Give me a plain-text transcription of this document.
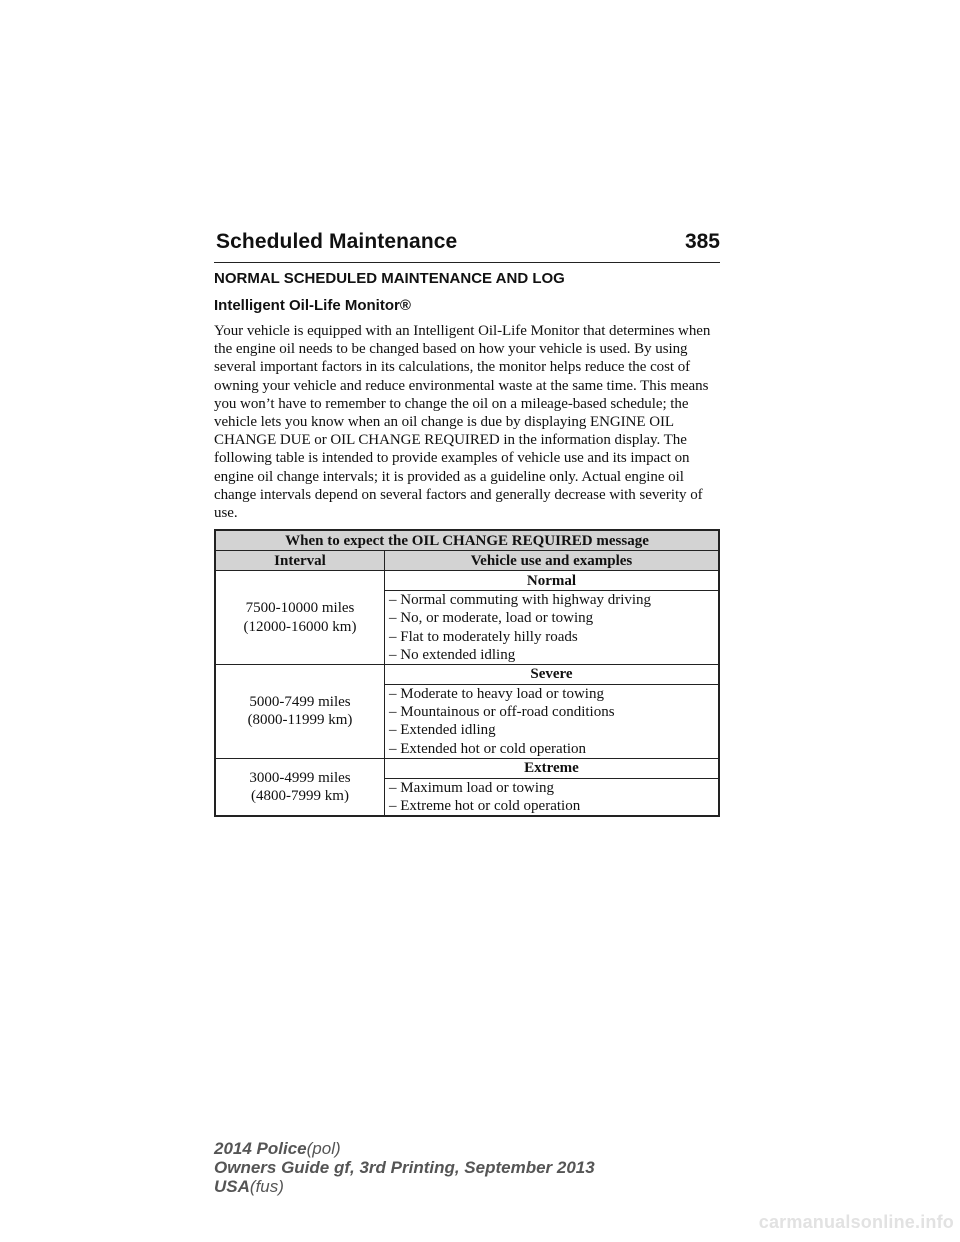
Scheduled Maintenance	385
NORMAL SCHEDULED MAINTENANCE AND LOG
Intelligent Oil-Life Monitor®

Your vehicle is equipped with an Intelligent Oil-Life Monitor that determines when the engine oil needs to be changed based on how your vehicle is used. By using several important factors in its calculations, the monitor helps reduce the cost of owning your vehicle and reduce environmental waste at the same time. This means you won’t have to remember to change the oil on a mileage-based schedule; the vehicle lets you know when an oil change is due by displaying ENGINE OIL CHANGE DUE or OIL CHANGE REQUIRED in the information display. The following table is intended to provide examples of vehicle use and its impact on engine oil change intervals; it is provided as a guideline only. Actual engine oil change intervals depend on several factors and generally decrease with severity of use.

When to expect the OIL CHANGE REQUIRED message	
Interval	Vehicle use and examples

7500-10000 miles
(12000-16000 km)	Normal

	– Normal commuting with highway driving
– No, or moderate, load or towing
– Flat to moderately hilly roads
– No extended idling

5000-7499 miles
(8000-11999 km)	Severe

	– Moderate to heavy load or towing
– Mountainous or off-road conditions
– Extended idling
– Extended hot or cold operation

3000-4999 miles
(4800-7999 km)	Extreme

	– Maximum load or towing
– Extreme hot or cold operation
2014 Police(pol)
Owners Guide gf, 3rd Printing, September 2013
USA(fus)
carmanualsonline.info
